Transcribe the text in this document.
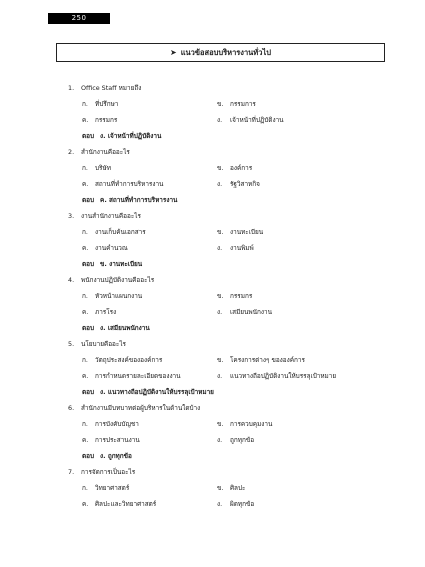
250
➤ แนวข้อสอบบริหารงานทั่วไป
1. Office Staff หมายถึง
ก. ที่ปรึกษา	ข. กรรมการ
ค. กรรมกร	ง. เจ้าหน้าที่ปฏิบัติงาน
ตอบ ง. เจ้าหน้าที่ปฏิบัติงาน
2. สำนักงานคืออะไร
ก. บริษัท	ข. องค์การ
ค. สถานที่ทำการบริหารงาน	ง. รัฐวิสาหกิจ
ตอบ ค. สถานที่ทำการบริหารงาน
3. งานสำนักงานคืออะไร
ก. งานเก็บค้นเอกสาร	ข. งานทะเบียน
ค. งานคำนวณ	ง. งานพิมพ์
ตอบ ข. งานทะเบียน
4. พนักงานปฏิบัติงานคืออะไร
ก. หัวหน้าแผนกงาน	ข. กรรมกร
ค. ภารโรง	ง. เสมียนพนักงาน
ตอบ ง. เสมียนพนักงาน
5. นโยบายคืออะไร
ก. วัตถุประสงค์ขององค์การ	ข. โครงการต่างๆ ขององค์การ
ค. การกำหนดรายละเอียดของงาน	ง. แนวทางถือปฏิบัติงานให้บรรลุเป้าหมาย
ตอบ ง. แนวทางถือปฏิบัติงานให้บรรลุเป้าหมาย
6. สำนักงานมีบทบาทต่อผู้บริหารในด้านใดบ้าง
ก. การบังคับบัญชา	ข. การควบคุมงาน
ค. การประสานงาน	ง. ถูกทุกข้อ
ตอบ ง. ถูกทุกข้อ
7. การจัดการเป็นอะไร
ก. วิทยาศาสตร์	ข. ศิลปะ
ค. ศิลปะและวิทยาศาสตร์	ง. ผิดทุกข้อ
